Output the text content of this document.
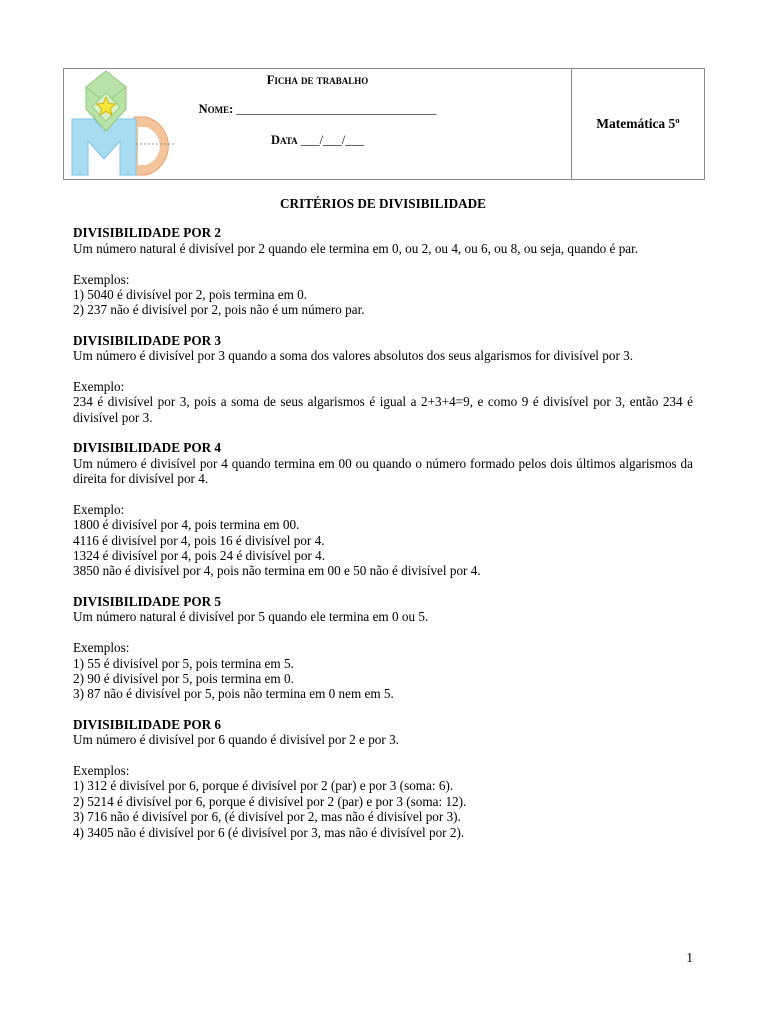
Ficha de trabalho
Nome: ________________________________
Data ___/___/___
Matemática 5º

CRITÉRIOS DE DIVISIBILIDADE

DIVISIBILIDADE POR 2

Um número natural é divisível por 2 quando ele termina em 0, ou 2, ou 4, ou 6, ou 8, ou seja, quando é par.

Exemplos:

1) 5040 é divisível por 2, pois termina em 0.

2) 237 não é divisível por 2, pois não é um número par.

DIVISIBILIDADE POR 3

Um número é divisível por 3 quando a soma dos valores absolutos dos seus algarismos for divisível por 3.

Exemplo:

234 é divisível por 3, pois a soma de seus algarismos é igual a 2+3+4=9, e como 9 é divisível por 3, então 234 é divisível por 3.

DIVISIBILIDADE POR 4

Um número é divisível por 4 quando termina em 00 ou quando o número formado pelos dois últimos algarismos da direita for divisível por 4.

Exemplo:

1800 é divisível por 4, pois termina em 00.

4116 é divisível por 4, pois 16 é divisível por 4.

1324 é divisível por 4, pois 24 é divisível por 4.

3850 não é divisível por 4, pois não termina em 00 e 50 não é divisível por 4.

DIVISIBILIDADE POR 5

Um número natural é divisível por 5 quando ele termina em 0 ou 5.

Exemplos:

1) 55 é divisível por 5, pois termina em 5.

2) 90 é divisível por 5, pois termina em 0.

3) 87 não é divisível por 5, pois não termina em 0 nem em 5.

DIVISIBILIDADE POR 6

Um número é divisível por 6 quando é divisível por 2 e por 3.

Exemplos:

1) 312 é divisível por 6, porque é divisível por 2 (par) e por 3 (soma: 6).

2) 5214 é divisível por 6, porque é divisível por 2 (par) e por 3 (soma: 12).

3) 716 não é divisível por 6, (é divisível por 2, mas não é divisível por 3).

4) 3405 não é divisível por 6 (é divisível por 3, mas não é divisível por 2).

1
